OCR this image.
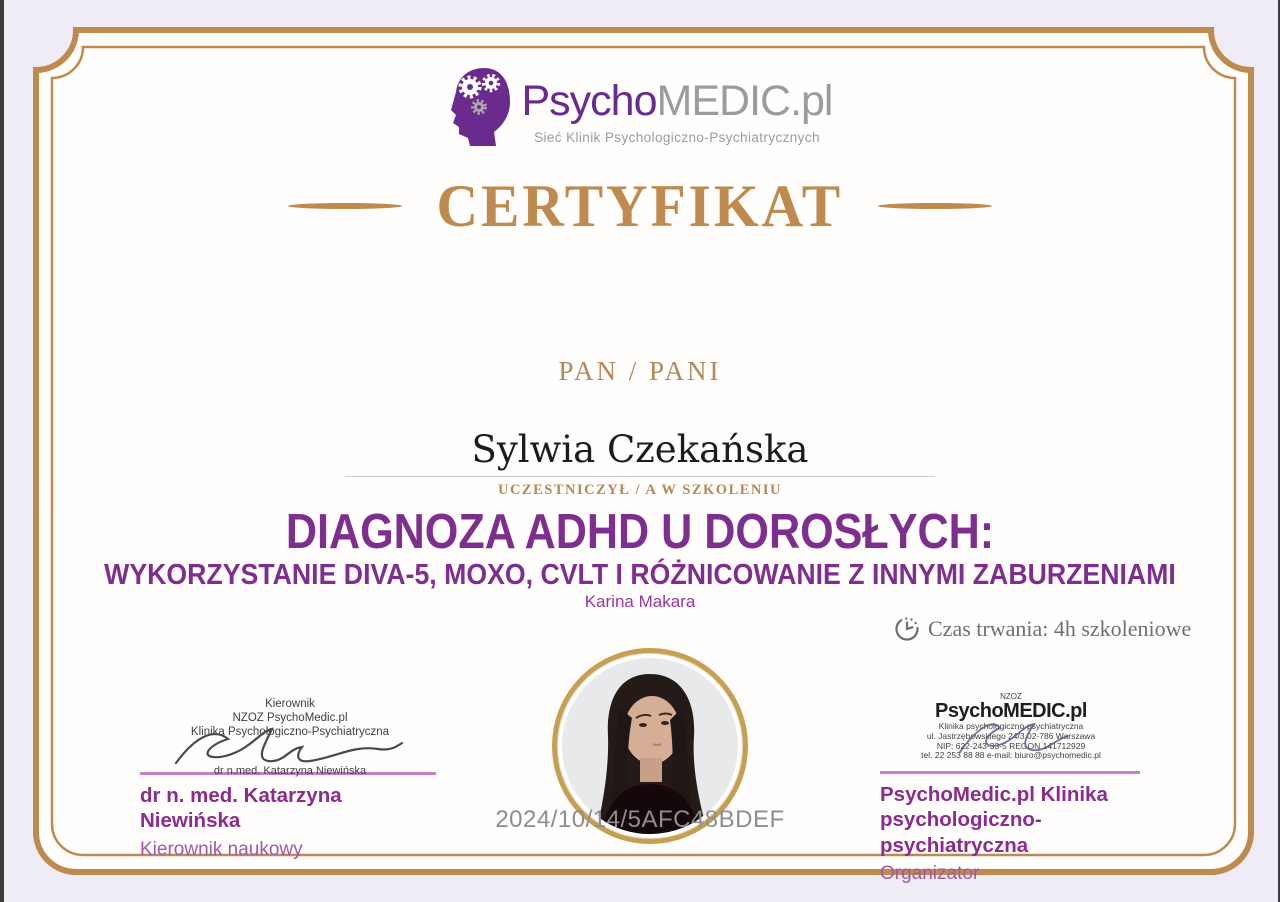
PsychoMEDIC.pl
Sieć Klinik Psychologiczno-Psychiatrycznych
CERTYFIKAT
PAN / PANI
Sylwia Czekańska
UCZESTNICZYŁ / A W SZKOLENIU
DIAGNOZA ADHD U DOROSŁYCH:
WYKORZYSTANIE DIVA-5, MOXO, CVLT I RÓŻNICOWANIE Z INNYMI ZABURZENIAMI
Karina Makara
Czas trwania: 4h szkoleniowe
Kierownik
NZOZ PsychoMedic.pl
Klinika Psychologiczno-Psychiatryczna
dr n.med. Katarzyna Niewińska
dr n. med. Katarzyna Niewińska
Kierownik naukowy
2024/10/14/5AFC48BDEF
NZOZ
PsychoMEDIC.pl
Klinika psychologiczno-psychiatryczna
ul. Jastrzębowskiego 24/3 02-786 Warszawa
NIP: 622-243-33-5 REGON 141712929
tel. 22 253 88 88 e-mail: biuro@psychomedic.pl
PsychoMedic.pl Klinika
psychologiczno-psychiatryczna
Organizator
